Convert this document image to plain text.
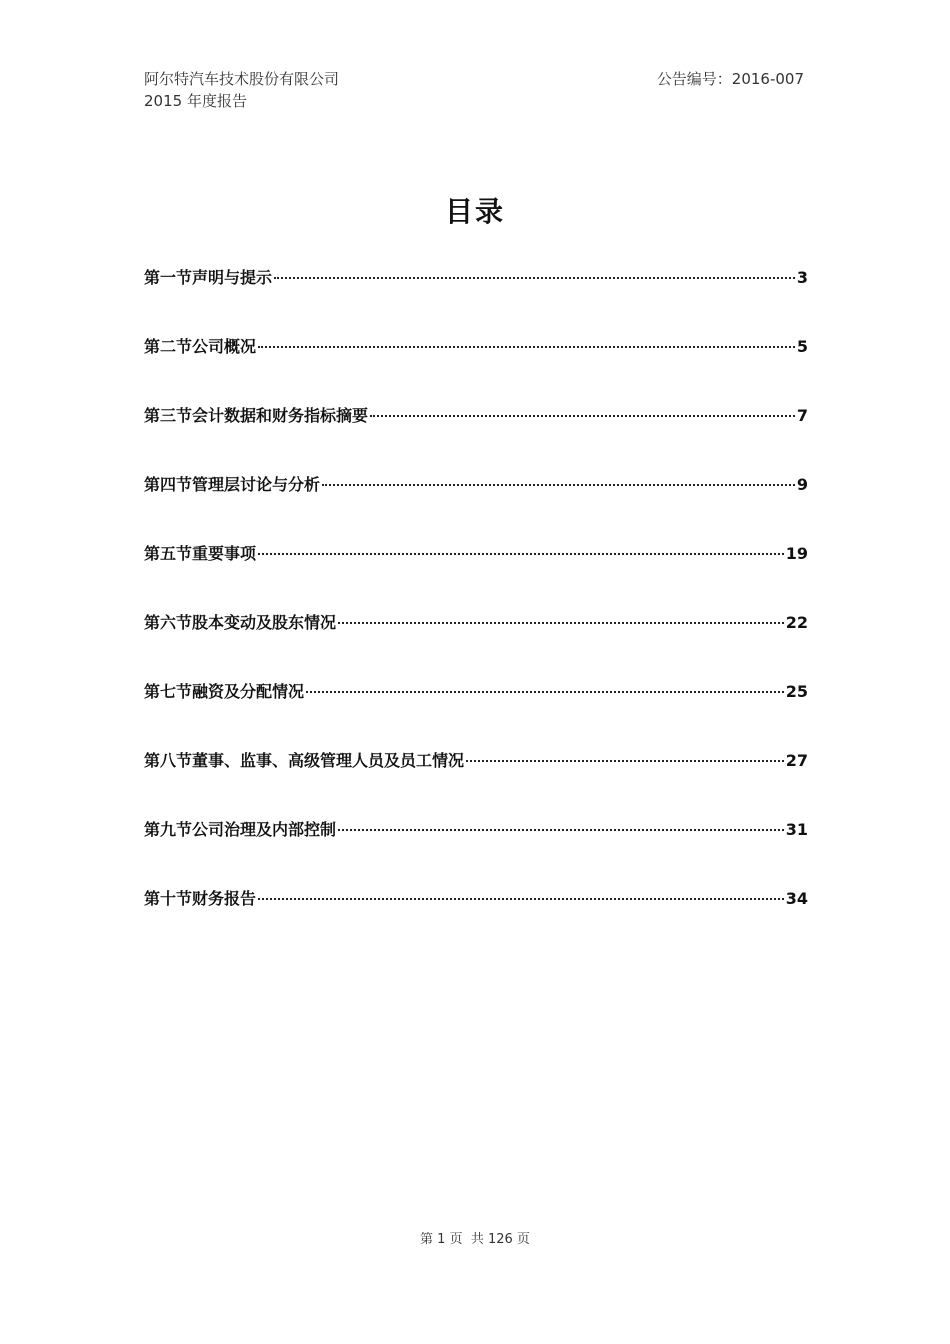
阿尔特汽车技术股份有限公司
2015 年度报告
公告编号：2016-007
目录
第一节声明与提示	3
第二节公司概况	5
第三节会计数据和财务指标摘要	7
第四节管理层讨论与分析	9
第五节重要事项	19
第六节股本变动及股东情况	22
第七节融资及分配情况	25
第八节董事、监事、高级管理人员及员工情况	27
第九节公司治理及内部控制	31
第十节财务报告	34
第 1 页  共 126 页
